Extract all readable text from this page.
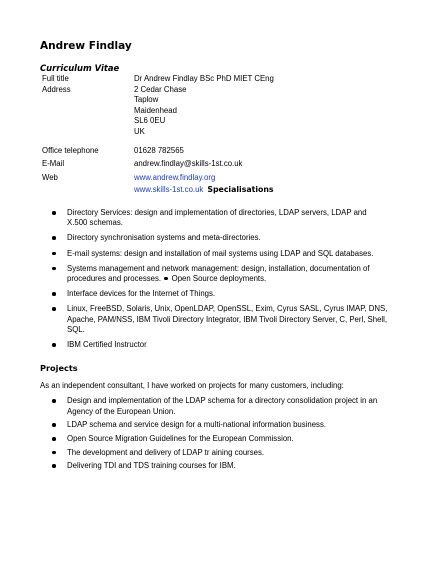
Andrew Findlay
Curriculum Vitae
Full title	Dr Andrew Findlay BSc PhD MIET CEng
Address	2 Cedar Chase
Taplow
Maidenhead
SL6 0EU
UK
Office telephone	01628 782565
E-Mail	andrew.findlay@skills-1st.co.uk
Web	www.andrew.findlay.org
www.skills-1st.co.uk Specialisations
Directory Services: design and implementation of directories, LDAP servers, LDAP and X.500 schemas.
Directory synchronisation systems and meta-directories.
E-mail systems: design and installation of mail systems using LDAP and SQL databases.
Systems management and network management: design, installation, documentation of procedures and processes. Open Source deployments.
Interface devices for the Internet of Things.
Linux, FreeBSD, Solaris, Unix, OpenLDAP, OpenSSL, Exim, Cyrus SASL, Cyrus IMAP, DNS, Apache, PAM/NSS, IBM Tivoli Directory Integrator, IBM Tivoli Directory Server, C, Perl, Shell, SQL.
IBM Certified Instructor
Projects
As an independent consultant, I have worked on projects for many customers, including:
Design and implementation of the LDAP schema for a directory consolidation project in an Agency of the European Union.
LDAP schema and service design for a multi-national information business.
Open Source Migration Guidelines for the European Commission.
The development and delivery of LDAP tr aining courses.
Delivering TDI and TDS training courses for IBM.
